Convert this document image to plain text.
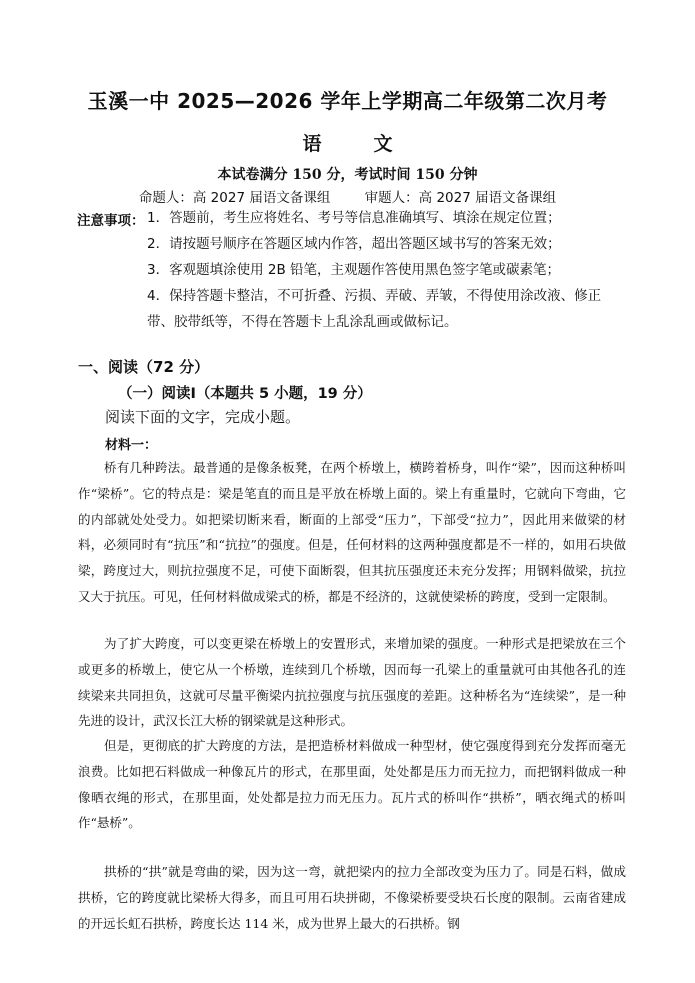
玉溪一中 2025—2026 学年上学期高二年级第二次月考
语文
本试卷满分 150 分，考试时间 150 分钟
命题人：高 2027 届语文备课组        审题人：高 2027 届语文备课组
注意事项： 1．答题前，考生应将姓名、考号等信息准确填写、填涂在规定位置；
2．请按题号顺序在答题区域内作答，超出答题区域书写的答案无效；
3．客观题填涂使用 2B 铅笔，主观题作答使用黑色签字笔或碳素笔；
4．保持答题卡整洁，不可折叠、污损、弄破、弄皱，不得使用涂改液、修正带、胶带纸等，不得在答题卡上乱涂乱画或做标记。
一、阅读（72 分）
（一）阅读Ⅰ（本题共 5 小题，19 分）
阅读下面的文字，完成小题。
材料一：

桥有几种跨法。最普通的是像条板凳，在两个桥墩上，横跨着桥身，叫作“梁”，因而这种桥叫作“梁桥”。它的特点是：梁是笔直的而且是平放在桥墩上面的。梁上有重量时，它就向下弯曲，它的内部就处处受力。如把梁切断来看，断面的上部受“压力”，下部受“拉力”，因此用来做梁的材料，必须同时有“抗压”和“抗拉”的强度。但是，任何材料的这两种强度都是不一样的，如用石块做梁，跨度过大，则抗拉强度不足，可使下面断裂，但其抗压强度还未充分发挥；用钢料做梁，抗拉又大于抗压。可见，任何材料做成梁式的桥，都是不经济的，这就使梁桥的跨度，受到一定限制。

为了扩大跨度，可以变更梁在桥墩上的安置形式，来增加梁的强度。一种形式是把梁放在三个或更多的桥墩上，使它从一个桥墩，连续到几个桥墩，因而每一孔梁上的重量就可由其他各孔的连续梁来共同担负，这就可尽量平衡梁内抗拉强度与抗压强度的差距。这种桥名为“连续梁”，是一种先进的设计，武汉长江大桥的钢梁就是这种形式。

但是，更彻底的扩大跨度的方法，是把造桥材料做成一种型材，使它强度得到充分发挥而毫无浪费。比如把石料做成一种像瓦片的形式，在那里面，处处都是压力而无拉力，而把钢料做成一种像晒衣绳的形式，在那里面，处处都是拉力而无压力。瓦片式的桥叫作“拱桥”，晒衣绳式的桥叫作“悬桥”。

拱桥的“拱”就是弯曲的梁，因为这一弯，就把梁内的拉力全部改变为压力了。同是石料，做成拱桥，它的跨度就比梁桥大得多，而且可用石块拼砌，不像梁桥要受块石长度的限制。云南省建成的开远长虹石拱桥，跨度长达 114 米，成为世界上最大的石拱桥。钢
